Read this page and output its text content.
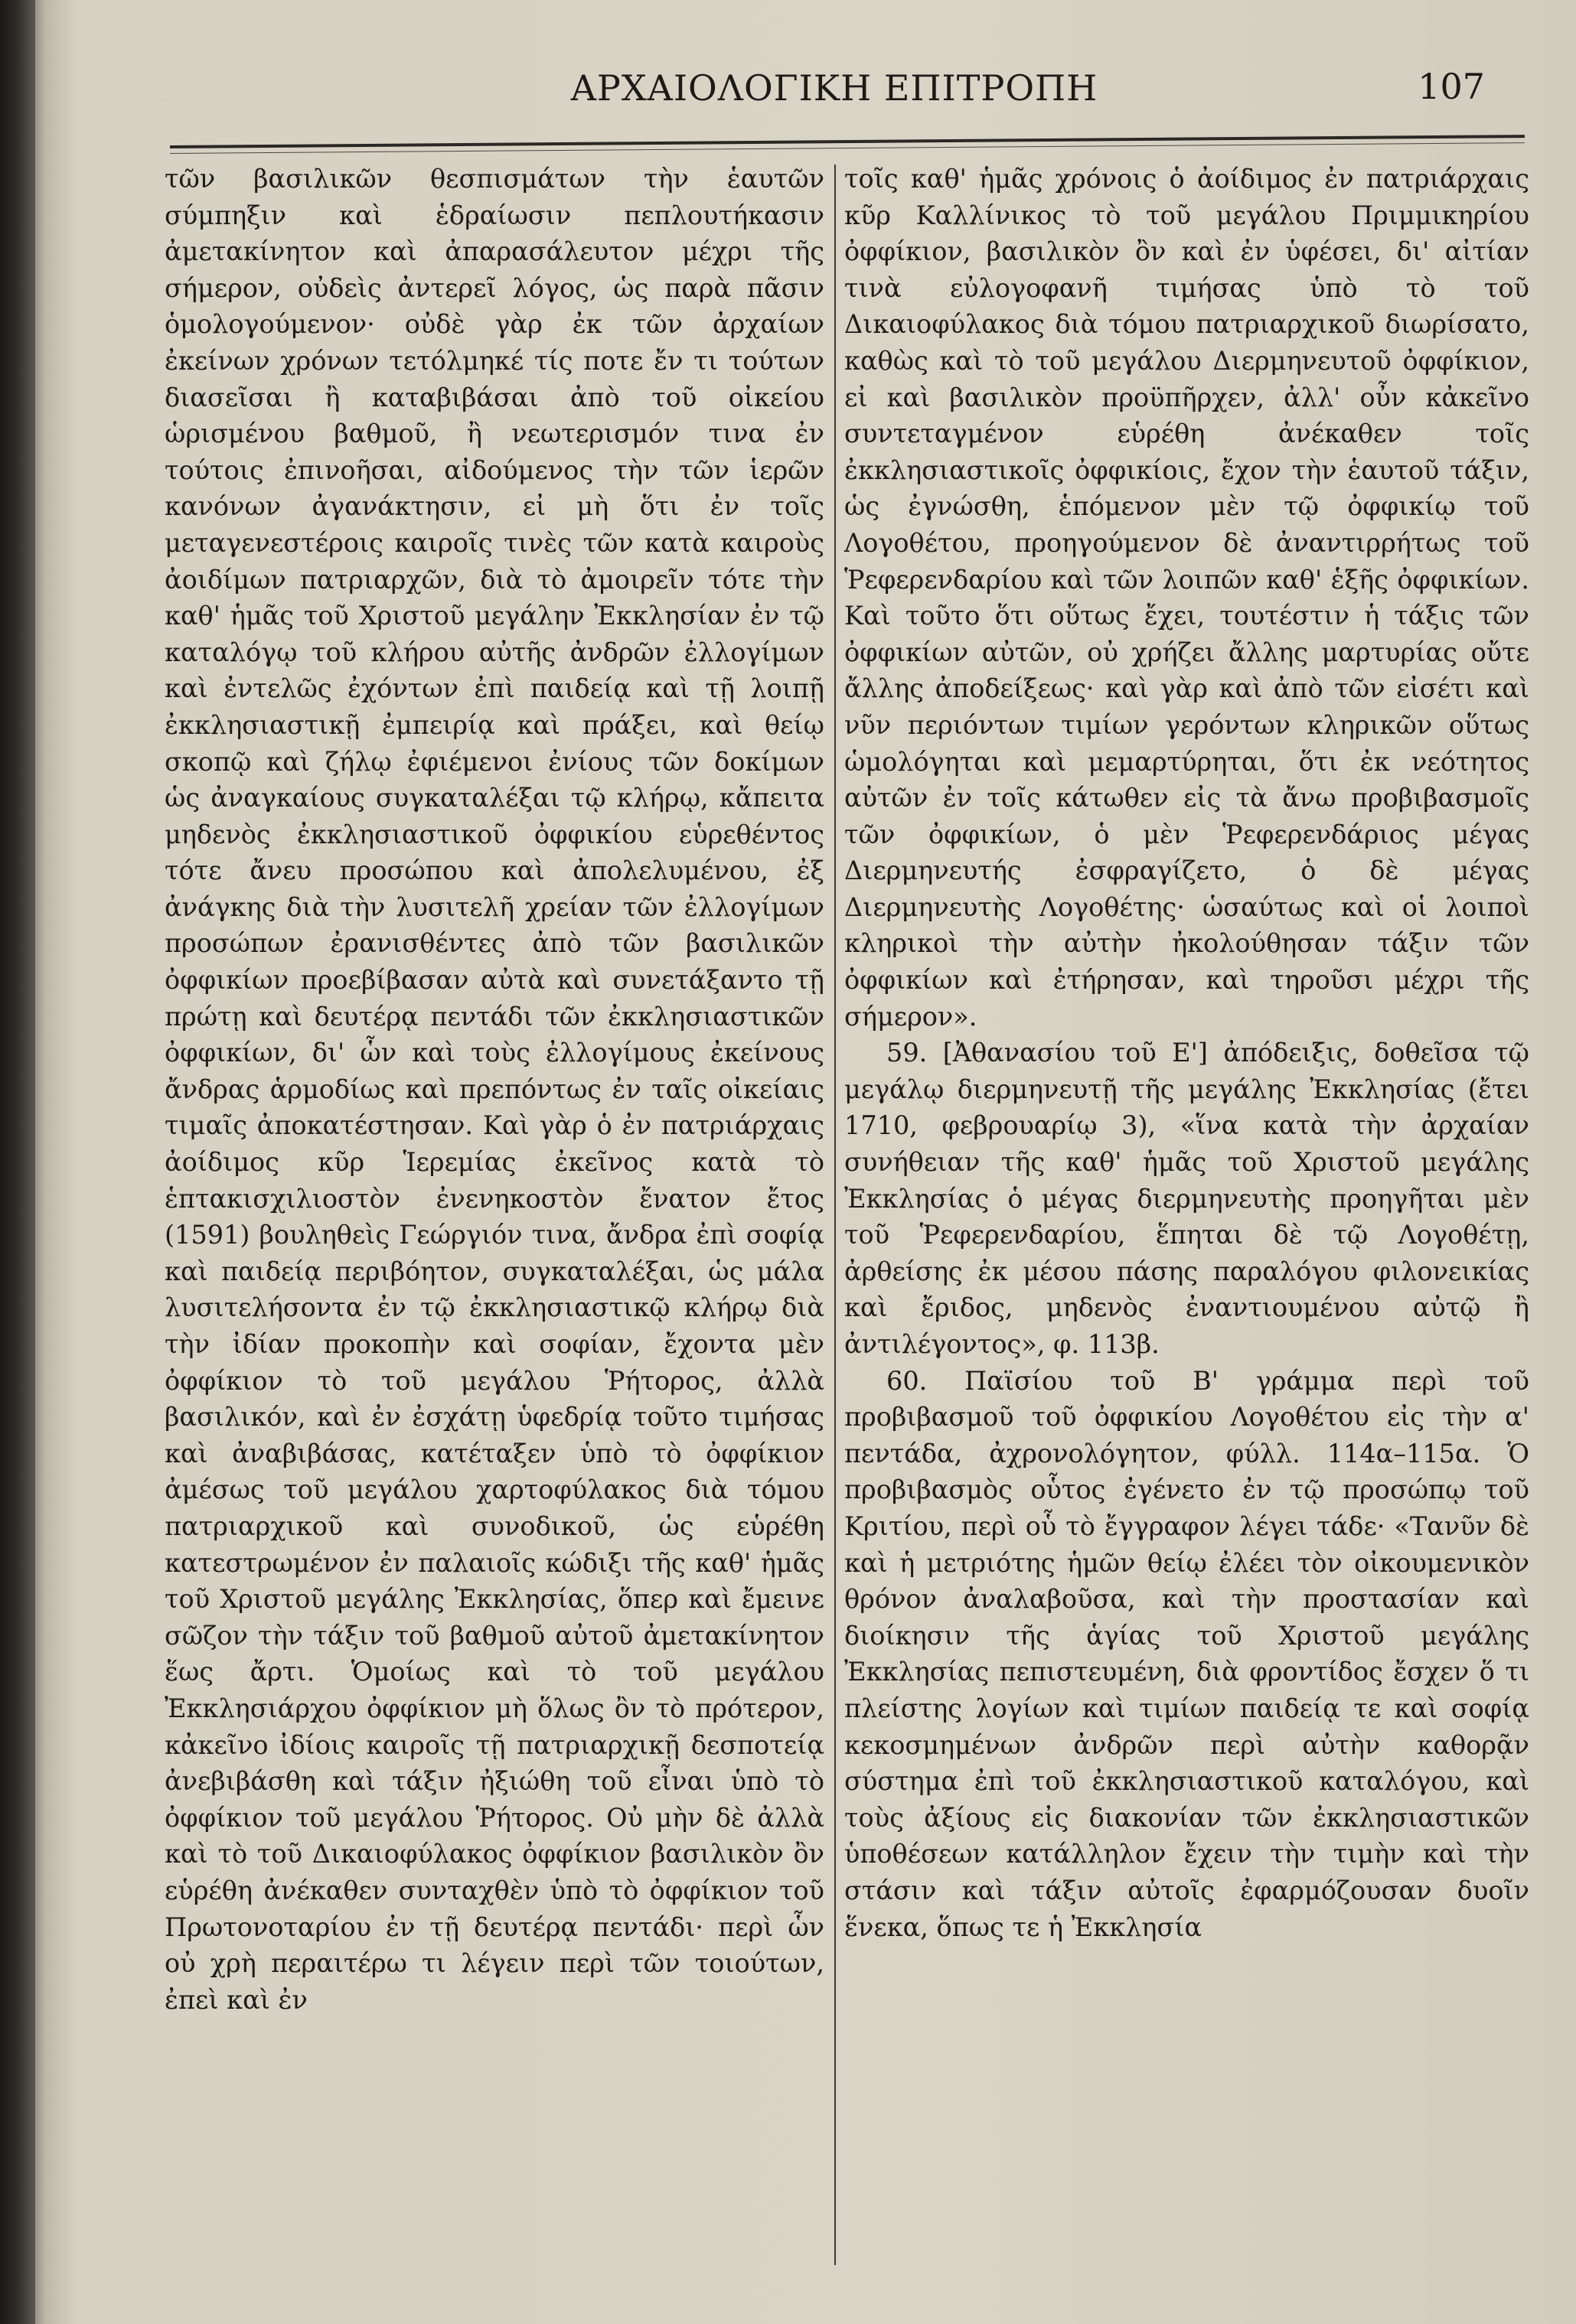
ΑΡΧΑΙΟΛΟΓΙΚΗ ΕΠΙΤΡΟΠΗ	107

τῶν βασιλικῶν θεσπισμάτων τὴν ἑαυτῶν σύμπηξιν καὶ ἑδραίωσιν πεπλουτήκασιν ἀμετακίνητον καὶ ἀπαρασάλευτον μέχρι τῆς σήμερον, οὐδεὶς ἀντερεῖ λόγος, ὡς παρὰ πᾶσιν ὁμολογούμενον· οὐδὲ γὰρ ἐκ τῶν ἀρχαίων ἐκείνων χρόνων τετόλμηκέ τίς ποτε ἔν τι τούτων διασεῖσαι ἢ καταβιβάσαι ἀπὸ τοῦ οἰκείου ὡρισμένου βαθμοῦ, ἢ νεωτερισμόν τινα ἐν τούτοις ἐπινοῆσαι, αἰδούμενος τὴν τῶν ἱερῶν κανόνων ἀγανάκτησιν, εἰ μὴ ὅτι ἐν τοῖς μεταγενεστέροις καιροῖς τινὲς τῶν κατὰ καιροὺς ἀοιδίμων πατριαρχῶν, διὰ τὸ ἀμοιρεῖν τότε τὴν καθ' ἡμᾶς τοῦ Χριστοῦ μεγάλην Ἐκκλησίαν ἐν τῷ καταλόγῳ τοῦ κλήρου αὐτῆς ἀνδρῶν ἐλλογίμων καὶ ἐντελῶς ἐχόντων ἐπὶ παιδείᾳ καὶ τῇ λοιπῇ ἐκκλησιαστικῇ ἐμπειρίᾳ καὶ πράξει, καὶ θείῳ σκοπῷ καὶ ζήλῳ ἐφιέμενοι ἐνίους τῶν δοκίμων ὡς ἀναγκαίους συγκαταλέξαι τῷ κλήρῳ, κἄπειτα μηδενὸς ἐκκλησιαστικοῦ ὀφφικίου εὑρεθέντος τότε ἄνευ προσώπου καὶ ἀπολελυμένου, ἐξ ἀνάγκης διὰ τὴν λυσιτελῆ χρείαν τῶν ἐλλογίμων προσώπων ἐρανισθέντες ἀπὸ τῶν βασιλικῶν ὀφφικίων προεβίβασαν αὐτὰ καὶ συνετάξαντο τῇ πρώτῃ καὶ δευτέρᾳ πεντάδι τῶν ἐκκλησιαστικῶν ὀφφικίων, δι' ὧν καὶ τοὺς ἐλλογίμους ἐκείνους ἄνδρας ἁρμοδίως καὶ πρεπόντως ἐν ταῖς οἰκείαις τιμαῖς ἀποκατέστησαν. Καὶ γὰρ ὁ ἐν πατριάρχαις ἀοίδιμος κῦρ Ἱερεμίας ἐκεῖνος κατὰ τὸ ἑπτακισχιλιοστὸν ἐνενηκοστὸν ἔνατον ἔτος (1591) βουληθεὶς Γεώργιόν τινα, ἄνδρα ἐπὶ σοφίᾳ καὶ παιδείᾳ περιβόητον, συγκαταλέξαι, ὡς μάλα λυσιτελήσοντα ἐν τῷ ἐκκλησιαστικῷ κλήρῳ διὰ τὴν ἰδίαν προκοπὴν καὶ σοφίαν, ἔχοντα μὲν ὀφφίκιον τὸ τοῦ μεγάλου Ῥήτορος, ἀλλὰ βασιλικόν, καὶ ἐν ἐσχάτῃ ὑφεδρίᾳ τοῦτο τιμήσας καὶ ἀναβιβάσας, κατέταξεν ὑπὸ τὸ ὀφφίκιον ἀμέσως τοῦ μεγάλου χαρτοφύλακος διὰ τόμου πατριαρχικοῦ καὶ συνοδικοῦ, ὡς εὑρέθη κατεστρωμένον ἐν παλαιοῖς κώδιξι τῆς καθ' ἡμᾶς τοῦ Χριστοῦ μεγάλης Ἐκκλησίας, ὅπερ καὶ ἔμεινε σῶζον τὴν τάξιν τοῦ βαθμοῦ αὐτοῦ ἀμετακίνητον ἕως ἄρτι. Ὁμοίως καὶ τὸ τοῦ μεγάλου Ἐκκλησιάρχου ὀφφίκιον μὴ ὅλως ὂν τὸ πρότερον, κἀκεῖνο ἰδίοις καιροῖς τῇ πατριαρχικῇ δεσποτείᾳ ἀνεβιβάσθη καὶ τάξιν ἠξιώθη τοῦ εἶναι ὑπὸ τὸ ὀφφίκιον τοῦ μεγάλου Ῥήτορος. Οὐ μὴν δὲ ἀλλὰ καὶ τὸ τοῦ Δικαιοφύλακος ὀφφίκιον βασιλικὸν ὂν εὑρέθη ἀνέκαθεν συνταχθὲν ὑπὸ τὸ ὀφφίκιον τοῦ Πρωτονοταρίου ἐν τῇ δευτέρᾳ πεντάδι· περὶ ὧν οὐ χρὴ περαιτέρω τι λέγειν περὶ τῶν τοιούτων, ἐπεὶ καὶ ἐν

τοῖς καθ' ἡμᾶς χρόνοις ὁ ἀοίδιμος ἐν πατριάρχαις κῦρ Καλλίνικος τὸ τοῦ μεγάλου Πριμμικηρίου ὀφφίκιον, βασιλικὸν ὂν καὶ ἐν ὑφέσει, δι' αἰτίαν τινὰ εὐλογοφανῆ τιμήσας ὑπὸ τὸ τοῦ Δικαιοφύλακος διὰ τόμου πατριαρχικοῦ διωρίσατο, καθὼς καὶ τὸ τοῦ μεγάλου Διερμηνευτοῦ ὀφφίκιον, εἰ καὶ βασιλικὸν προϋπῆρχεν, ἀλλ' οὖν κἀκεῖνο συντεταγμένον εὑρέθη ἀνέκαθεν τοῖς ἐκκλησιαστικοῖς ὀφφικίοις, ἔχον τὴν ἑαυτοῦ τάξιν, ὡς ἐγνώσθη, ἑπόμενον μὲν τῷ ὀφφικίῳ τοῦ Λογοθέτου, προηγούμενον δὲ ἀναντιρρήτως τοῦ Ῥεφερενδαρίου καὶ τῶν λοιπῶν καθ' ἑξῆς ὀφφικίων. Καὶ τοῦτο ὅτι οὕτως ἔχει, τουτέστιν ἡ τάξις τῶν ὀφφικίων αὐτῶν, οὐ χρήζει ἄλλης μαρτυρίας οὔτε ἄλλης ἀποδείξεως· καὶ γὰρ καὶ ἀπὸ τῶν εἰσέτι καὶ νῦν περιόντων τιμίων γερόντων κληρικῶν οὕτως ὡμολόγηται καὶ μεμαρτύρηται, ὅτι ἐκ νεότητος αὐτῶν ἐν τοῖς κάτωθεν εἰς τὰ ἄνω προβιβασμοῖς τῶν ὀφφικίων, ὁ μὲν Ῥεφερενδάριος μέγας Διερμηνευτής ἐσφραγίζετο, ὁ δὲ μέγας Διερμηνευτὴς Λογοθέτης· ὡσαύτως καὶ οἱ λοιποὶ κληρικοὶ τὴν αὐτὴν ἠκολούθησαν τάξιν τῶν ὀφφικίων καὶ ἐτήρησαν, καὶ τηροῦσι μέχρι τῆς σήμερον».

59. [Ἀθανασίου τοῦ Ε'] ἀπόδειξις, δοθεῖσα τῷ μεγάλῳ διερμηνευτῇ τῆς μεγάλης Ἐκκλησίας (ἔτει 1710, φεβρουαρίῳ 3), «ἵνα κατὰ τὴν ἀρχαίαν συνήθειαν τῆς καθ' ἡμᾶς τοῦ Χριστοῦ μεγάλης Ἐκκλησίας ὁ μέγας διερμηνευτὴς προηγῆται μὲν τοῦ Ῥεφερενδαρίου, ἕπηται δὲ τῷ Λογοθέτῃ, ἀρθείσης ἐκ μέσου πάσης παραλόγου φιλονεικίας καὶ ἔριδος, μηδενὸς ἐναντιουμένου αὐτῷ ἢ ἀντιλέγοντος», φ. 113β.

60. Παϊσίου τοῦ Β' γράμμα περὶ τοῦ προβιβασμοῦ τοῦ ὀφφικίου Λογοθέτου εἰς τὴν α' πεντάδα, ἀχρονολόγητον, φύλλ. 114α–115α. Ὁ προβιβασμὸς οὗτος ἐγένετο ἐν τῷ προσώπῳ τοῦ Κριτίου, περὶ οὗ τὸ ἔγγραφον λέγει τάδε· «Τανῦν δὲ καὶ ἡ μετριότης ἡμῶν θείῳ ἐλέει τὸν οἰκουμενικὸν θρόνον ἀναλαβοῦσα, καὶ τὴν προστασίαν καὶ διοίκησιν τῆς ἁγίας τοῦ Χριστοῦ μεγάλης Ἐκκλησίας πεπιστευμένη, διὰ φροντίδος ἔσχεν ὅ τι πλείστης λογίων καὶ τιμίων παιδείᾳ τε καὶ σοφίᾳ κεκοσμημένων ἀνδρῶν περὶ αὐτὴν καθορᾷν σύστημα ἐπὶ τοῦ ἐκκλησιαστικοῦ καταλόγου, καὶ τοὺς ἀξίους εἰς διακονίαν τῶν ἐκκλησιαστικῶν ὑποθέσεων κατάλληλον ἔχειν τὴν τιμὴν καὶ τὴν στάσιν καὶ τάξιν αὐτοῖς ἐφαρμόζουσαν δυοῖν ἕνεκα, ὅπως τε ἡ Ἐκκλησία
